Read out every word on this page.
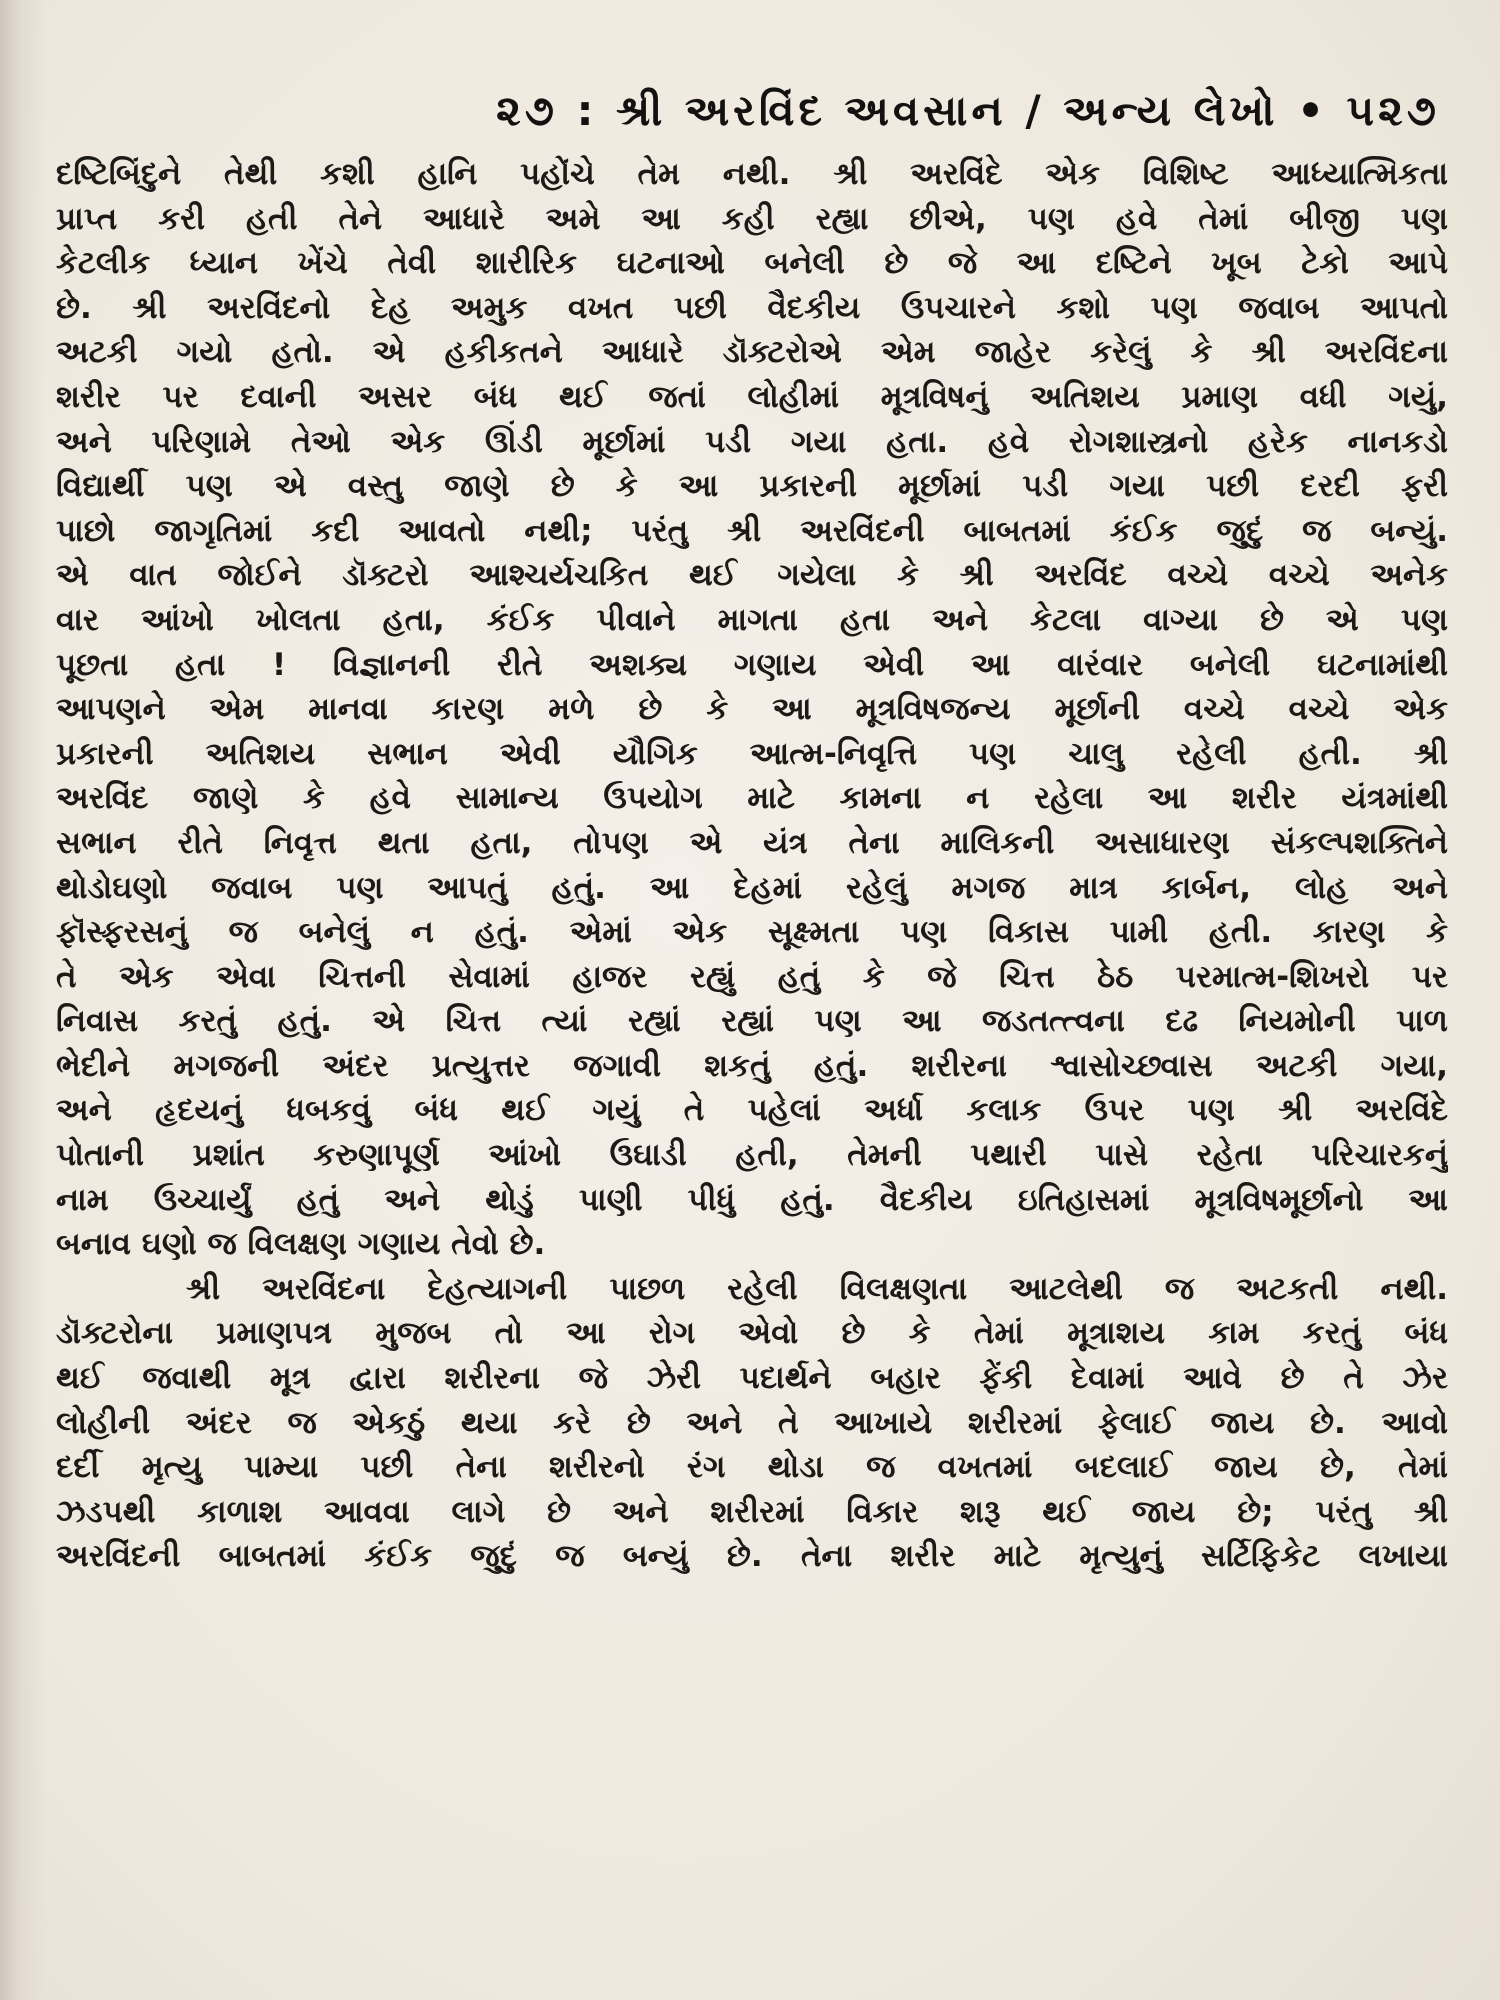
૨૭ : શ્રી અરવિંદ અવસાન / અન્ય લેખો • ૫૨૭
દષ્ટિબિંદુને તેથી કશી હાનિ પહોંચે તેમ નથી. શ્રી અરવિંદે એક વિશિષ્ટ આધ્યાત્મિકતા
પ્રાપ્ત કરી હતી તેને આધારે અમે આ કહી રહ્યા છીએ, પણ હવે તેમાં બીજી પણ
કેટલીક ધ્યાન ખેંચે તેવી શારીરિક ઘટનાઓ બનેલી છે જે આ દષ્ટિને ખૂબ ટેકો આપે
છે. શ્રી અરવિંદનો દેહ અમુક વખત પછી વૈદકીય ઉપચારને કશો પણ જવાબ આપતો
અટકી ગયો હતો. એ હકીકતને આધારે ડૉક્ટરોએ એમ જાહેર કરેલું કે શ્રી અરવિંદના
શરીર પર દવાની અસર બંધ થઈ જતાં લોહીમાં મૂત્રવિષનું અતિશય પ્રમાણ વધી ગયું,
અને પરિણામે તેઓ એક ઊંડી મૂર્છામાં પડી ગયા હતા. હવે રોગશાસ્ત્રનો હરેક નાનકડો
વિદ્યાર્થી પણ એ વસ્તુ જાણે છે કે આ પ્રકારની મૂર્છામાં પડી ગયા પછી દરદી ફરી
પાછો જાગૃતિમાં કદી આવતો નથી; પરંતુ શ્રી અરવિંદની બાબતમાં કંઈક જુદું જ બન્યું.
એ વાત જોઈને ડૉક્ટરો આશ્ચર્યચકિત થઈ ગયેલા કે શ્રી અરવિંદ વચ્ચે વચ્ચે અનેક
વાર આંખો ખોલતા હતા, કંઈક પીવાને માગતા હતા અને કેટલા વાગ્યા છે એ પણ
પૂછતા હતા ! વિજ્ઞાનની રીતે અશક્ય ગણાય એવી આ વારંવાર બનેલી ઘટનામાંથી
આપણને એમ માનવા કારણ મળે છે કે આ મૂત્રવિષજન્ય મૂર્છાની વચ્ચે વચ્ચે એક
પ્રકારની અતિશય સભાન એવી યૌગિક આત્મ-નિવૃત્તિ પણ ચાલુ રહેલી હતી. શ્રી
અરવિંદ જાણે કે હવે સામાન્ય ઉપયોગ માટે કામના ન રહેલા આ શરીર યંત્રમાંથી
સભાન રીતે નિવૃત્ત થતા હતા, તોપણ એ યંત્ર તેના માલિકની અસાધારણ સંકલ્પશક્તિને
થોડોઘણો જવાબ પણ આપતું હતું. આ દેહમાં રહેલું મગજ માત્ર કાર્બન, લોહ અને
ફૉસ્ફરસનું જ બનેલું ન હતું. એમાં એક સૂક્ષ્મતા પણ વિકાસ પામી હતી. કારણ કે
તે એક એવા ચિત્તની સેવામાં હાજર રહ્યું હતું કે જે ચિત્ત ઠેઠ પરમાત્મ-શિખરો પર
નિવાસ કરતું હતું. એ ચિત્ત ત્યાં રહ્યાં રહ્યાં પણ આ જડતત્ત્વના દઢ નિયમોની પાળ
ભેદીને મગજની અંદર પ્રત્યુત્તર જગાવી શકતું હતું. શરીરના શ્વાસોચ્છ્વાસ અટકી ગયા,
અને હૃદયનું ધબકવું બંધ થઈ ગયું તે પહેલાં અર્ધા કલાક ઉપર પણ શ્રી અરવિંદે
પોતાની પ્રશાંત કરુણાપૂર્ણ આંખો ઉઘાડી હતી, તેમની પથારી પાસે રહેતા પરિચારકનું
નામ ઉચ્ચાર્યું હતું અને થોડું પાણી પીધું હતું. વૈદકીય ઇતિહાસમાં મૂત્રવિષમૂર્છાનો આ
બનાવ ઘણો જ વિલક્ષણ ગણાય તેવો છે.
શ્રી અરવિંદના દેહત્યાગની પાછળ રહેલી વિલક્ષણતા આટલેથી જ અટકતી નથી.
ડૉક્ટરોના પ્રમાણપત્ર મુજબ તો આ રોગ એવો છે કે તેમાં મૂત્રાશય કામ કરતું બંધ
થઈ જવાથી મૂત્ર દ્વારા શરીરના જે ઝેરી પદાર્થને બહાર ફેંકી દેવામાં આવે છે તે ઝેર
લોહીની અંદર જ એકઠું થયા કરે છે અને તે આખાયે શરીરમાં ફેલાઈ જાય છે. આવો
દર્દી મૃત્યુ પામ્યા પછી તેના શરીરનો રંગ થોડા જ વખતમાં બદલાઈ જાય છે, તેમાં
ઝડપથી કાળાશ આવવા લાગે છે અને શરીરમાં વિકાર શરૂ થઈ જાય છે; પરંતુ શ્રી
અરવિંદની બાબતમાં કંઈક જુદું જ બન્યું છે. તેના શરીર માટે મૃત્યુનું સર્ટિફિકેટ લખાયા
